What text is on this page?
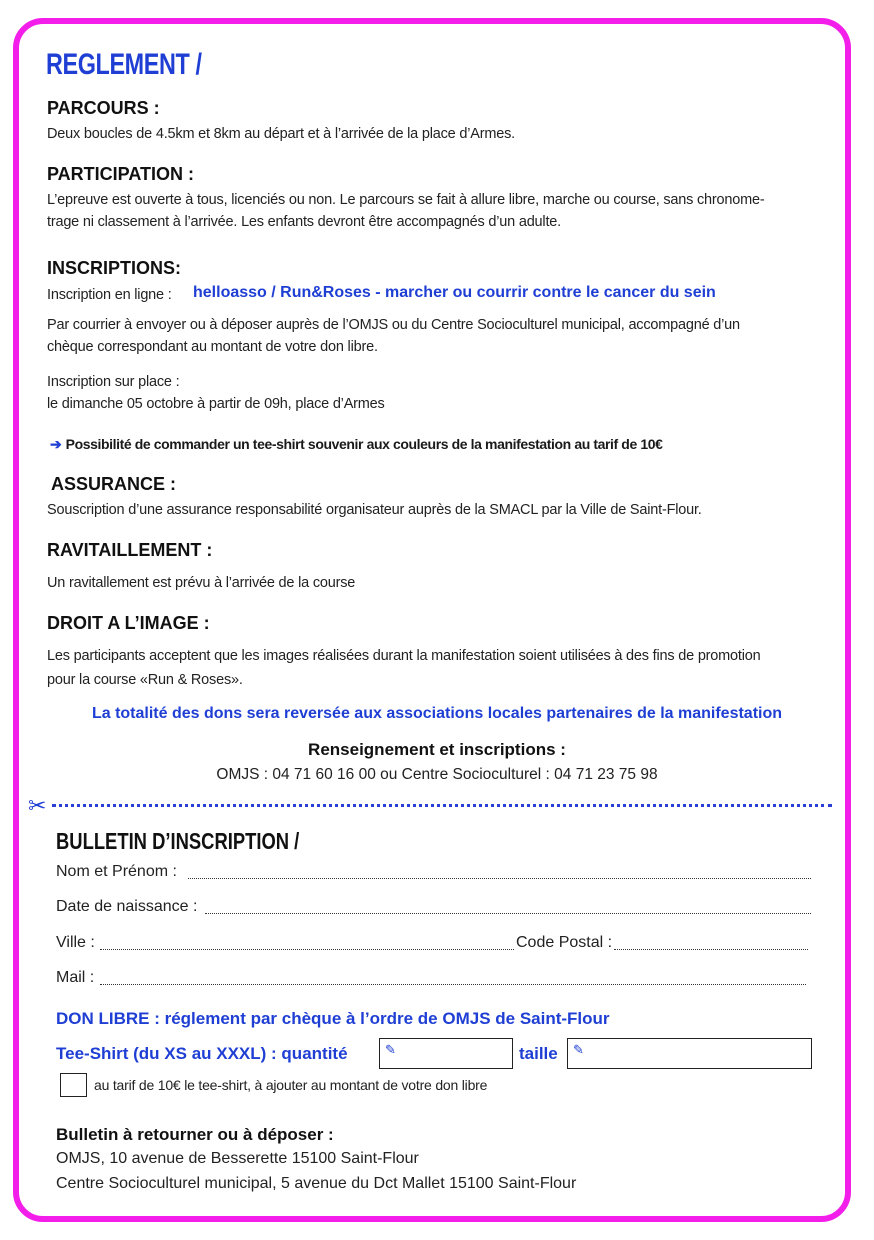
REGLEMENT /
PARCOURS :
Deux boucles de 4.5km et 8km au départ et à l’arrivée de la place d’Armes.
PARTICIPATION :
L’epreuve est ouverte à tous, licenciés ou non. Le parcours se fait à allure libre, marche ou course, sans chronome-
trage ni classement à l’arrivée. Les enfants devront être accompagnés d’un adulte.
INSCRIPTIONS:
Inscription en ligne : helloasso / Run&Roses - marcher ou courrir contre le cancer du sein
Par courrier à envoyer ou à déposer auprès de l’OMJS ou du Centre Socioculturel municipal, accompagné d’un
chèque correspondant au montant de votre don libre.
Inscription sur place :
le dimanche 05 octobre à partir de 09h, place d’Armes
➔ Possibilité de commander un tee-shirt souvenir aux couleurs de la manifestation au tarif de 10€
ASSURANCE :
Souscription d’une assurance responsabilité organisateur auprès de la SMACL par la Ville de Saint-Flour.
RAVITAILLEMENT :
Un ravitallement est prévu à l’arrivée de la course
DROIT A L’IMAGE :
Les participants acceptent que les images réalisées durant la manifestation soient utilisées à des fins de promotion
pour la course «Run & Roses».
La totalité des dons sera reversée aux associations locales partenaires de la manifestation
Renseignement et inscriptions :
OMJS : 04 71 60 16 00 ou Centre Socioculturel : 04 71 23 75 98
✂
BULLETIN D’INSCRIPTION /
Nom et Prénom :
Date de naissance :
Ville :	Code Postal :
Mail :
DON LIBRE : réglement par chèque à l’ordre de OMJS de Saint-Flour
Tee-Shirt (du XS au XXXL) : quantité	✎	taille ✎
au tarif de 10€ le tee-shirt, à ajouter au montant de votre don libre
Bulletin à retourner ou à déposer :
OMJS, 10 avenue de Besserette 15100 Saint-Flour
Centre Socioculturel municipal, 5 avenue du Dct Mallet 15100 Saint-Flour
